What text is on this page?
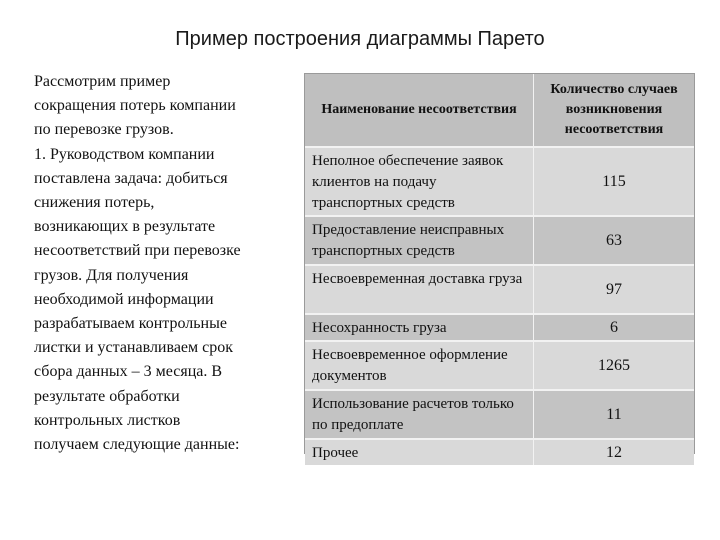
Пример построения диаграммы Парето

Рассмотрим пример
сокращения потерь компании
по перевозке грузов.
1. Руководством компании
поставлена задача: добиться
снижения потерь,
возникающих в результате
несоответствий при перевозке
грузов. Для получения
необходимой информации
разрабатываем контрольные
листки и устанавливаем срок
сбора данных – 3 месяца. В
результате обработки
контрольных листков
получаем следующие данные:

Наименование несоответствия	Количество случаев возникновения несоответствия
Неполное обеспечение заявок клиентов на подачу транспортных средств	115
Предоставление неисправных транспортных средств	63
Несвоевременная доставка груза	97
Несохранность груза	6
Несвоевременное оформление документов	1265
Использование расчетов только по предоплате	11
Прочее	12
